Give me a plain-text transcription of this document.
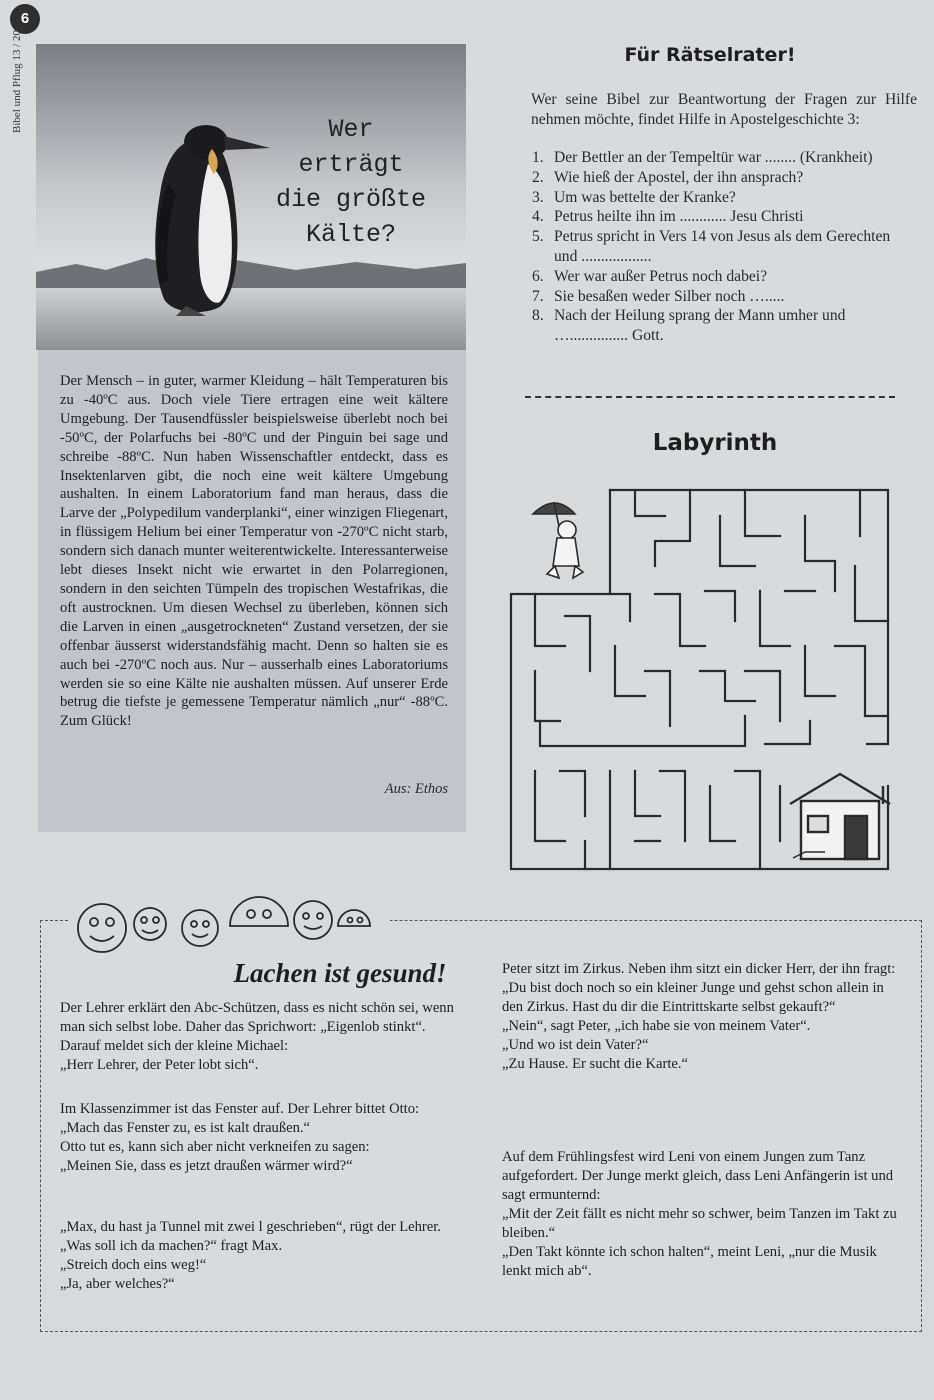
6
Bibel und Pflug 13 / 2015	Wer
erträgt
die größte
Kälte?
Der Mensch – in guter, warmer Kleidung – hält Temperaturen bis zu -40ºC aus. Doch viele Tiere ertragen eine weit kältere Umgebung. Der Tausendfüssler beispielsweise überlebt noch bei -50ºC, der Polarfuchs bei -80ºC und der Pinguin bei sage und schreibe -88ºC. Nun haben Wissenschaftler entdeckt, dass es Insektenlarven gibt, die noch eine weit kältere Umgebung aushalten. In einem Laboratorium fand man heraus, dass die Larve der „Polypedilum vanderplanki“, einer winzigen Fliegenart, in flüssigem Helium bei einer Temperatur von -270ºC nicht starb, sondern sich danach munter weiterentwickelte. Interessanterweise lebt dieses Insekt nicht wie erwartet in den Polarregionen, sondern in den seichten Tümpeln des tropischen Westafrikas, die oft austrocknen. Um diesen Wechsel zu überleben, können sich die Larven in einen „ausgetrockneten“ Zustand versetzen, der sie offenbar äusserst widerstandsfähig macht. Denn so halten sie es auch bei -270ºC noch aus. Nur – ausserhalb eines Laboratoriums werden sie so eine Kälte nie aushalten müssen. Auf unserer Erde betrug die tiefste je gemessene Temperatur nämlich „nur“ -88ºC. Zum Glück!
Aus: Ethos
Für Rätselrater!
Wer seine Bibel zur Beantwortung der Fragen zur Hilfe nehmen möchte, findet Hilfe in Apostelgeschichte 3:
1. Der Bettler an der Tempeltür war ........ (Krankheit)
2. Wie hieß der Apostel, der ihn ansprach?
3. Um was bettelte der Kranke?
4. Petrus heilte ihn im ............ Jesu Christi
5. Petrus spricht in Vers 14 von Jesus als dem Gerechten und ..................
6. Wer war außer Petrus noch dabei?
7. Sie besaßen weder Silber noch ….....
8. Nach der Heilung sprang der Mann umher und …............... Gott.
Labyrinth
Lachen ist gesund!

Der Lehrer erklärt den Abc-Schützen, dass es nicht schön sei, wenn man sich selbst lobe. Daher das Sprichwort: „Eigenlob stinkt“. Darauf meldet sich der kleine Michael:

„Herr Lehrer, der Peter lobt sich“.

Im Klassenzimmer ist das Fenster auf. Der Lehrer bittet Otto:

„Mach das Fenster zu, es ist kalt draußen.“

Otto tut es, kann sich aber nicht verkneifen zu sagen:

„Meinen Sie, dass es jetzt draußen wärmer wird?“

„Max, du hast ja Tunnel mit zwei l geschrieben“, rügt der Lehrer.

„Was soll ich da machen?“ fragt Max.

„Streich doch eins weg!“

„Ja, aber welches?“

Peter sitzt im Zirkus. Neben ihm sitzt ein dicker Herr, der ihn fragt:

„Du bist doch noch so ein kleiner Junge und gehst schon allein in den Zirkus. Hast du dir die Eintrittskarte selbst gekauft?“

„Nein“, sagt Peter, „ich habe sie von meinem Vater“.

„Und wo ist dein Vater?“

„Zu Hause. Er sucht die Karte.“

Auf dem Frühlingsfest wird Leni von einem Jungen zum Tanz aufgefordert. Der Junge merkt gleich, dass Leni Anfängerin ist und sagt ermunternd:

„Mit der Zeit fällt es nicht mehr so schwer, beim Tanzen im Takt zu bleiben.“

„Den Takt könnte ich schon halten“, meint Leni, „nur die Musik lenkt mich ab“.
